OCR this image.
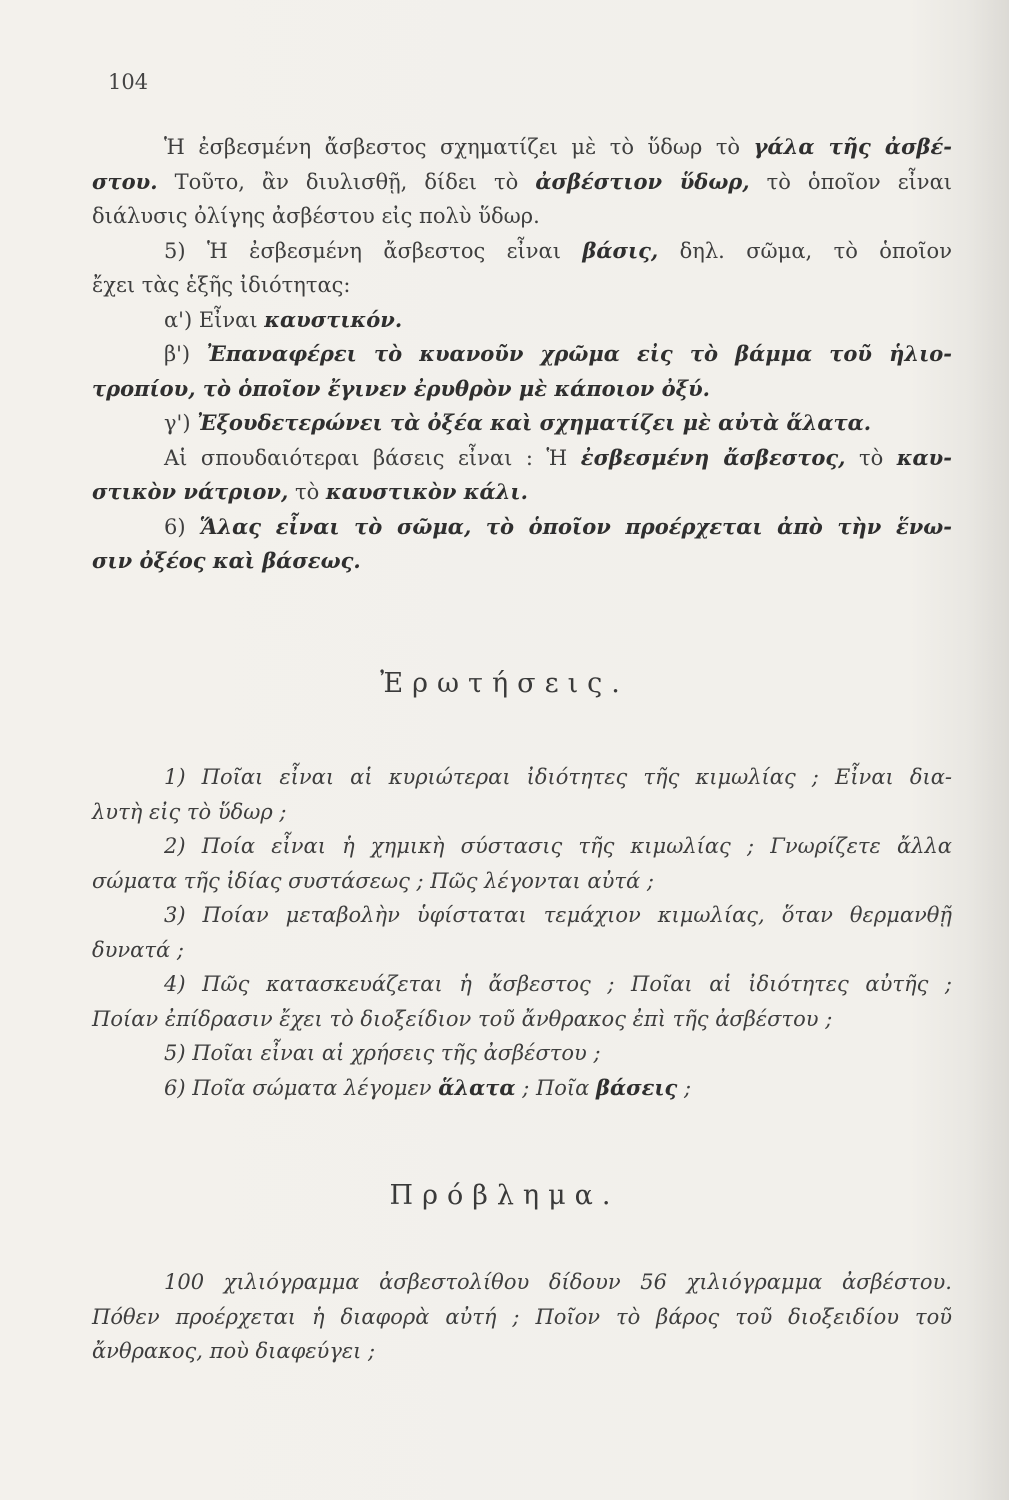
104
Ἡ ἐσβεσμένη ἄσβεστος σχηματίζει μὲ τὸ ὕδωρ τὸ γάλα τῆς ἀσβέ-
στου. Τοῦτο, ἂν διυλισθῇ, δίδει τὸ ἀσβέστιον ὕδωρ, τὸ ὁποῖον εἶναι
διάλυσις ὀλίγης ἀσβέστου εἰς πολὺ ὕδωρ.
5) Ἡ ἐσβεσμένη ἄσβεστος εἶναι βάσις, δηλ. σῶμα, τὸ ὁποῖον
ἔχει τὰς ἑξῆς ἰδιότητας:
α') Εἶναι καυστικόν.
β') Ἐπαναφέρει τὸ κυανοῦν χρῶμα εἰς τὸ βάμμα τοῦ ἡλιο-
τροπίου, τὸ ὁποῖον ἔγινεν ἐρυθρὸν μὲ κάποιον ὀξύ.
γ') Ἐξουδετερώνει τὰ ὀξέα καὶ σχηματίζει μὲ αὐτὰ ἅλατα.
Αἱ σπουδαιότεραι βάσεις εἶναι : Ἡ ἐσβεσμένη ἄσβεστος, τὸ καυ-
στικὸν νάτριον, τὸ καυστικὸν κάλι.
6) Ἅλας εἶναι τὸ σῶμα, τὸ ὁποῖον προέρχεται ἀπὸ τὴν ἕνω-
σιν ὀξέος καὶ βάσεως.
Ἐρωτήσεις.
1) Ποῖαι εἶναι αἱ κυριώτεραι ἰδιότητες τῆς κιμωλίας ; Εἶναι δια-
λυτὴ εἰς τὸ ὕδωρ ;
2) Ποία εἶναι ἡ χημικὴ σύστασις τῆς κιμωλίας ; Γνωρίζετε ἄλλα
σώματα τῆς ἰδίας συστάσεως ; Πῶς λέγονται αὐτά ;
3) Ποίαν μεταβολὴν ὑφίσταται τεμάχιον κιμωλίας, ὅταν θερμανθῇ
δυνατά ;
4) Πῶς κατασκευάζεται ἡ ἄσβεστος ; Ποῖαι αἱ ἰδιότητες αὐτῆς ;
Ποίαν ἐπίδρασιν ἔχει τὸ διοξείδιον τοῦ ἄνθρακος ἐπὶ τῆς ἀσβέστου ;
5) Ποῖαι εἶναι αἱ χρήσεις τῆς ἀσβέστου ;
6) Ποῖα σώματα λέγομεν ἅλατα ; Ποῖα βάσεις ;
Πρόβλημα.
100 χιλιόγραμμα ἀσβεστολίθου δίδουν 56 χιλιόγραμμα ἀσβέστου.
Πόθεν προέρχεται ἡ διαφορὰ αὐτή ; Ποῖον τὸ βάρος τοῦ διοξειδίου τοῦ
ἄνθρακος, ποὺ διαφεύγει ;
